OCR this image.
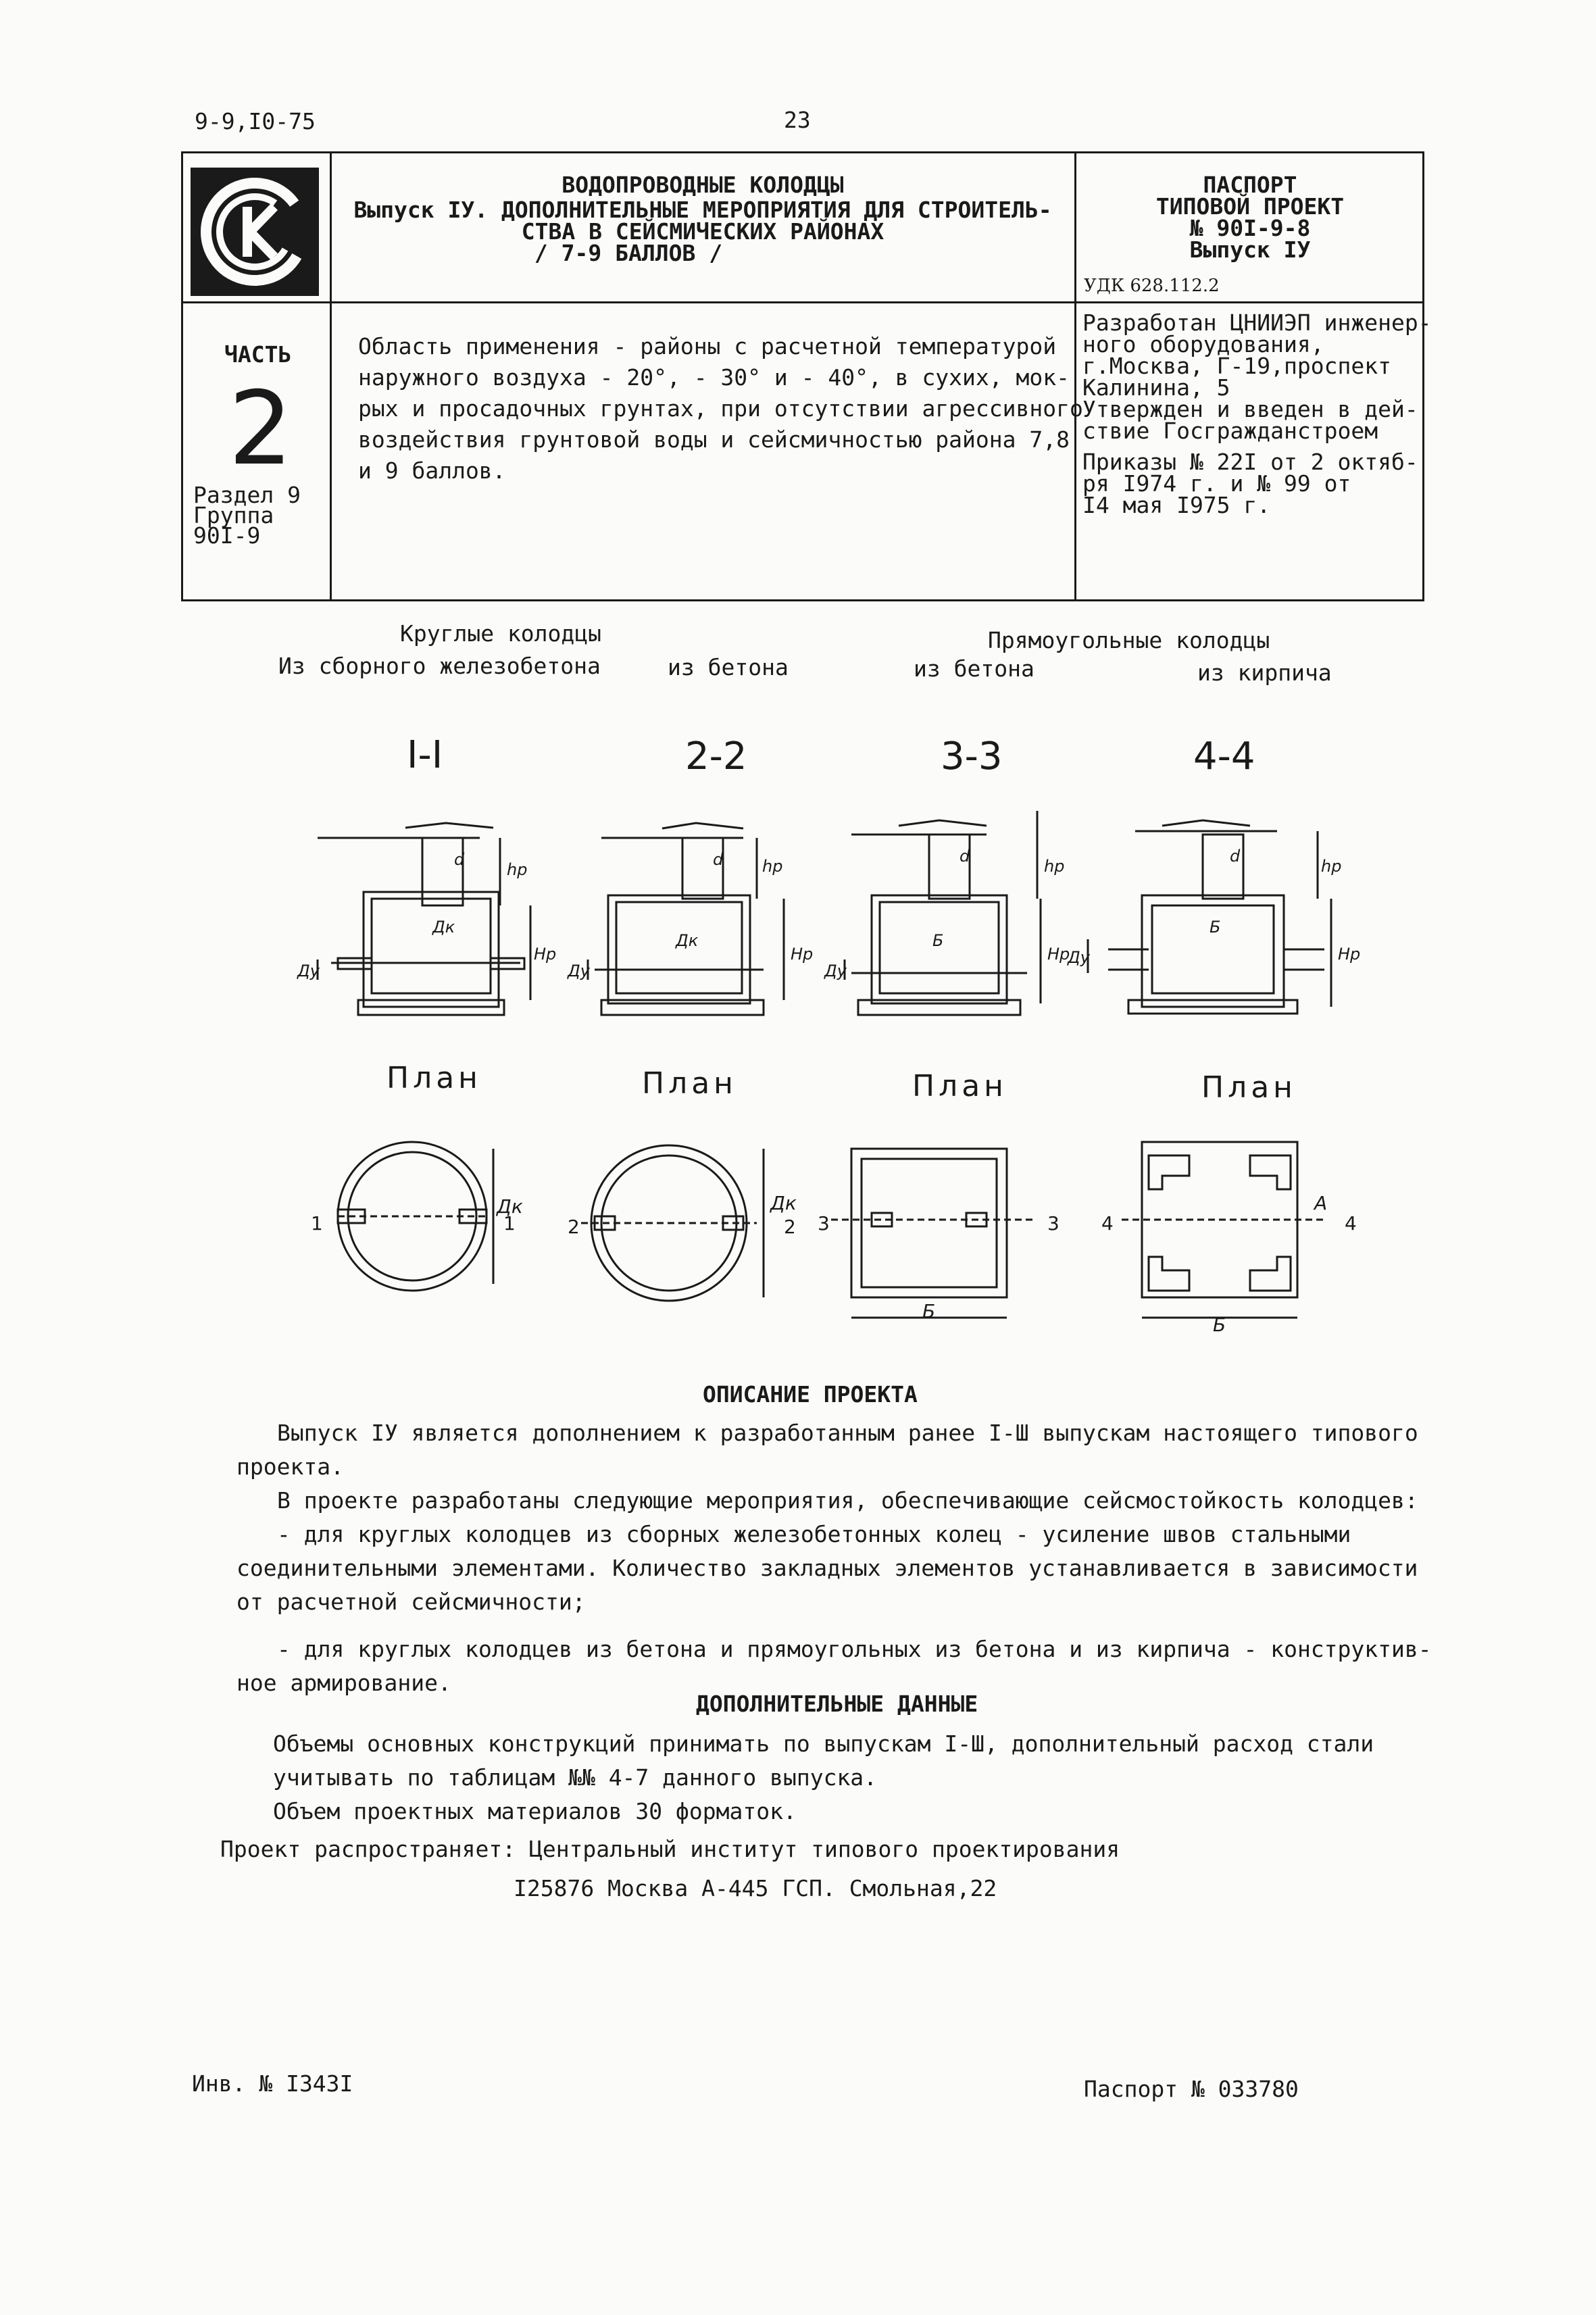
9-9,I0-75	23
ВОДОПРОВОДНЫЕ КОЛОДЦЫ
Выпуск IУ. ДОПОЛНИТЕЛЬНЫЕ МЕРОПРИЯТИЯ ДЛЯ СТРОИТЕЛЬ-
СТВА В СЕЙСМИЧЕСКИХ РАЙОНАХ
/ 7-9 БАЛЛОВ /
ПАСПОРТ
ТИПОВОЙ ПРОЕКТ
№ 90I-9-8
Выпуск IУ
УДК 628.112.2
ЧАСТЬ
2
Раздел 9
Группа
90I-9
Область применения - районы с расчетной температурой
наружного воздуха - 20°, - 30° и - 40°, в сухих, мок-
рых и просадочных грунтах, при отсутствии агрессивного
воздействия грунтовой воды и сейсмичностью района 7,8
и 9 баллов.
Разработан ЦНИИЭП инженер-
ного оборудования,
г.Москва, Г-19,проспект
Калинина, 5
Утвержден и введен в дей-
ствие Госгражданстроем
Приказы № 22I от 2 октяб-
ря I974 г. и № 99 от
I4 мая I975 г.
Круглые колодцы
Из сборного железобетона	из бетона
Прямоугольные колодцы
из бетона	из кирпича
I-I	2-2	3-3	4-4
d
hр
Дк
Нр
Ду
d hр
Дк
Нр
Ду
d
hр
Б
Нр
Ду
d
hр
Б
Нр
Ду
План	План	План	План
1	1	2	2 3	3 4	4
Дк	Дк
Б
Б
А
ОПИСАНИЕ ПРОЕКТА

Выпуск IУ является дополнением к разработанным ранее I-Ш выпускам настоящего типового

проекта.

В проекте разработаны следующие мероприятия, обеспечивающие сейсмостойкость колодцев:

- для круглых колодцев из сборных железобетонных колец - усиление швов стальными

соединительными элементами. Количество закладных элементов устанавливается в зависимости

от расчетной сейсмичности;

- для круглых колодцев из бетона и прямоугольных из бетона и из кирпича - конструктив-

ное армирование.

ДОПОЛНИТЕЛЬНЫЕ ДАННЫЕ

Объемы основных конструкций принимать по выпускам I-Ш, дополнительный расход стали

учитывать по таблицам №№ 4-7 данного выпуска.

Объем проектных материалов 30 форматок.

Проект распространяет: Центральный институт типового проектирования

I25876 Москва А-445 ГСП. Смольная,22

Инв. № I343I	Паспорт № 033780
